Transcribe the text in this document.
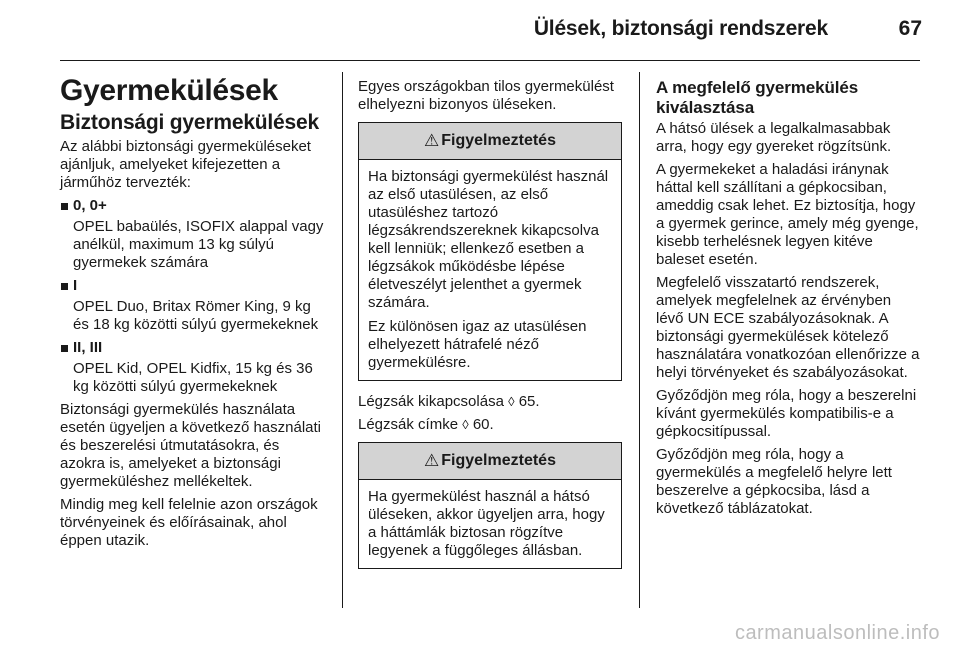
Ülések, biztonsági rendszerek	67
Gyermekülések
Biztonsági gyermekülések

Az alábbi biztonsági gyermeküléseket ajánljuk, amelyeket kifejezetten a járműhöz tervezték:

0, 0+
OPEL babaülés, ISOFIX alappal vagy anélkül, maximum 13 kg súlyú gyermekek számára
I
OPEL Duo, Britax Römer King, 9 kg és 18 kg közötti súlyú gyermekeknek
II, III
OPEL Kid, OPEL Kidfix, 15 kg és 36 kg közötti súlyú gyermekeknek

Biztonsági gyermekülés használata esetén ügyeljen a következő használati és beszerelési útmutatásokra, és azokra is, amelyeket a biztonsági gyermeküléshez mellékeltek.

Mindig meg kell felelnie azon országok törvényeinek és előírásainak, ahol éppen utazik.

Egyes országokban tilos gyermekülést elhelyezni bizonyos üléseken.

⚠ Figyelmeztetés

Ha biztonsági gyermekülést használ az első utasülésen, az első utasüléshez tartozó légzsákrendszereknek kikapcsolva kell lenniük; ellenkező esetben a légzsákok működésbe lépése életveszélyt jelenthet a gyermek számára.

Ez különösen igaz az utasülésen elhelyezett hátrafelé néző gyermekülésre.

Légzsák kikapcsolása ◊ 65.

Légzsák címke ◊ 60.

⚠ Figyelmeztetés

Ha gyermekülést használ a hátsó üléseken, akkor ügyeljen arra, hogy a háttámlák biztosan rögzítve legyenek a függőleges állásban.

A megfelelő gyermekülés kiválasztása

A hátsó ülések a legalkalmasabbak arra, hogy egy gyereket rögzítsünk.

A gyermekeket a haladási iránynak háttal kell szállítani a gépkocsiban, ameddig csak lehet. Ez biztosítja, hogy a gyermek gerince, amely még gyenge, kisebb terhelésnek legyen kitéve baleset esetén.

Megfelelő visszatartó rendszerek, amelyek megfelelnek az érvényben lévő UN ECE szabályozásoknak. A biztonsági gyermekülések kötelező használatára vonatkozóan ellenőrizze a helyi törvényeket és szabályozásokat.

Győződjön meg róla, hogy a beszerelni kívánt gyermekülés kompatibilis-e a gépkocsitípussal.

Győződjön meg róla, hogy a gyermekülés a megfelelő helyre lett beszerelve a gépkocsiba, lásd a következő táblázatokat.

carmanualsonline.info
